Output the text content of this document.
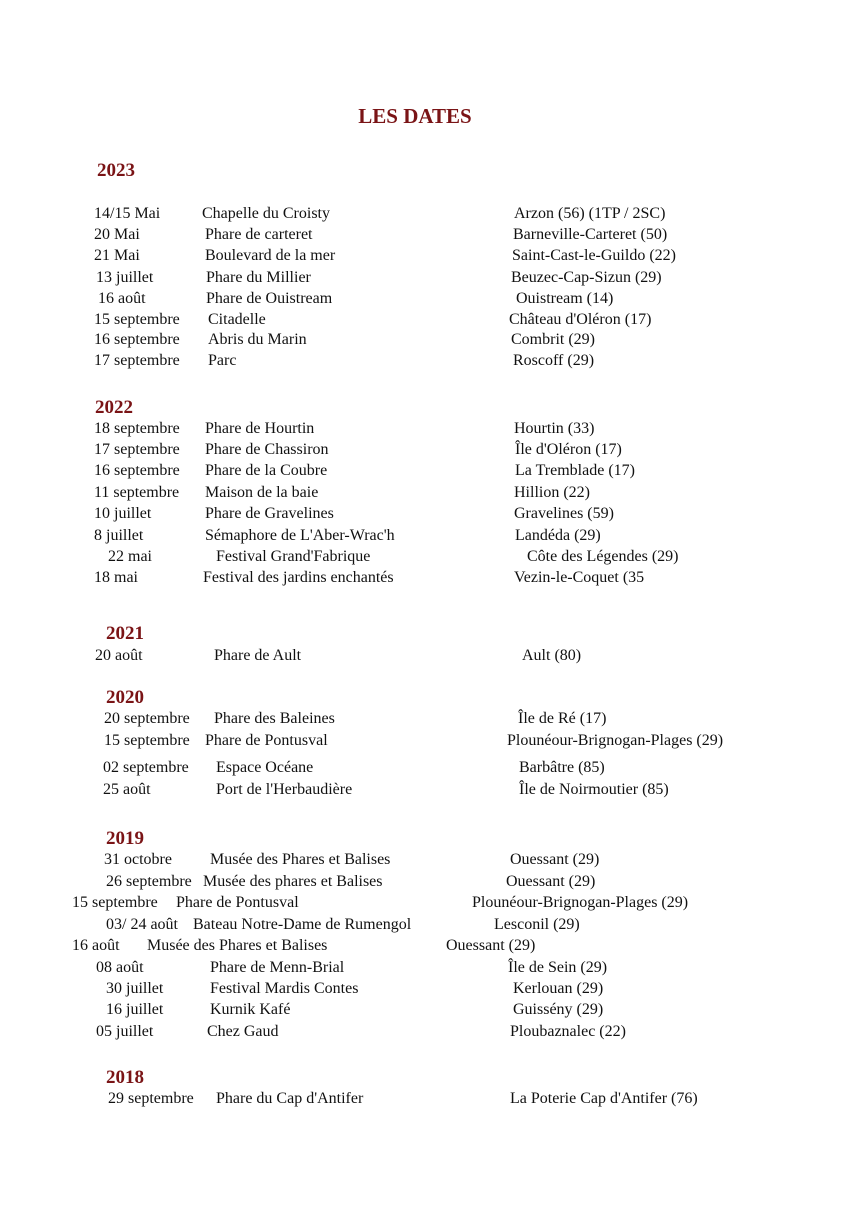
LES DATES
2023
14/15 Mai	Chapelle du Croisty	Arzon (56) (1TP / 2SC)
20 Mai	Phare de carteret	Barneville-Carteret (50)
21 Mai	Boulevard de la mer	Saint-Cast-le-Guildo (22)
13 juillet	Phare du Millier	Beuzec-Cap-Sizun (29)
16 août	Phare de Ouistream	Ouistream (14)
15 septembre Citadelle	Château d'Oléron (17)
16 septembre Abris du Marin	Combrit (29)
17 septembre Parc	Roscoff (29)
2022
18 septembre Phare de Hourtin	Hourtin (33)
17 septembre Phare de Chassiron	Île d'Oléron (17)
16 septembre Phare de la Coubre	La Tremblade (17)
11 septembre Maison de la baie	Hillion (22)
10 juillet	Phare de Gravelines	Gravelines (59)
8 juillet	Sémaphore de L'Aber-Wrac'h	Landéda (29)
22 mai	Festival Grand'Fabrique	Côte des Légendes (29)
18 mai	Festival des jardins enchantés	Vezin-le-Coquet (35
2021
20 août	Phare de Ault	Ault (80)
2020
20 septembre Phare des Baleines	Île de Ré (17)
15 septembre Phare de Pontusval	Plounéour-Brignogan-Plages (29)
02 septembre Espace Océane	Barbâtre (85)
25 août	Port de l'Herbaudière	Île de Noirmoutier (85)
2019
31 octobre Musée des Phares et Balises	Ouessant (29)
26 septembre Musée des phares et Balises	Ouessant (29)
15 septembre Phare de Pontusval	Plounéour-Brignogan-Plages (29)
03/ 24 août Bateau Notre-Dame de Rumengol	Lesconil (29)
16 août Musée des Phares et Balises	Ouessant (29)
08 août	Phare de Menn-Brial	Île de Sein (29)
30 juillet	Festival Mardis Contes	Kerlouan (29)
16 juillet	Kurnik Kafé	Guissény (29)
05 juillet	Chez Gaud	Ploubaznalec (22)
2018
29 septembre Phare du Cap d'Antifer	La Poterie Cap d'Antifer (76)
